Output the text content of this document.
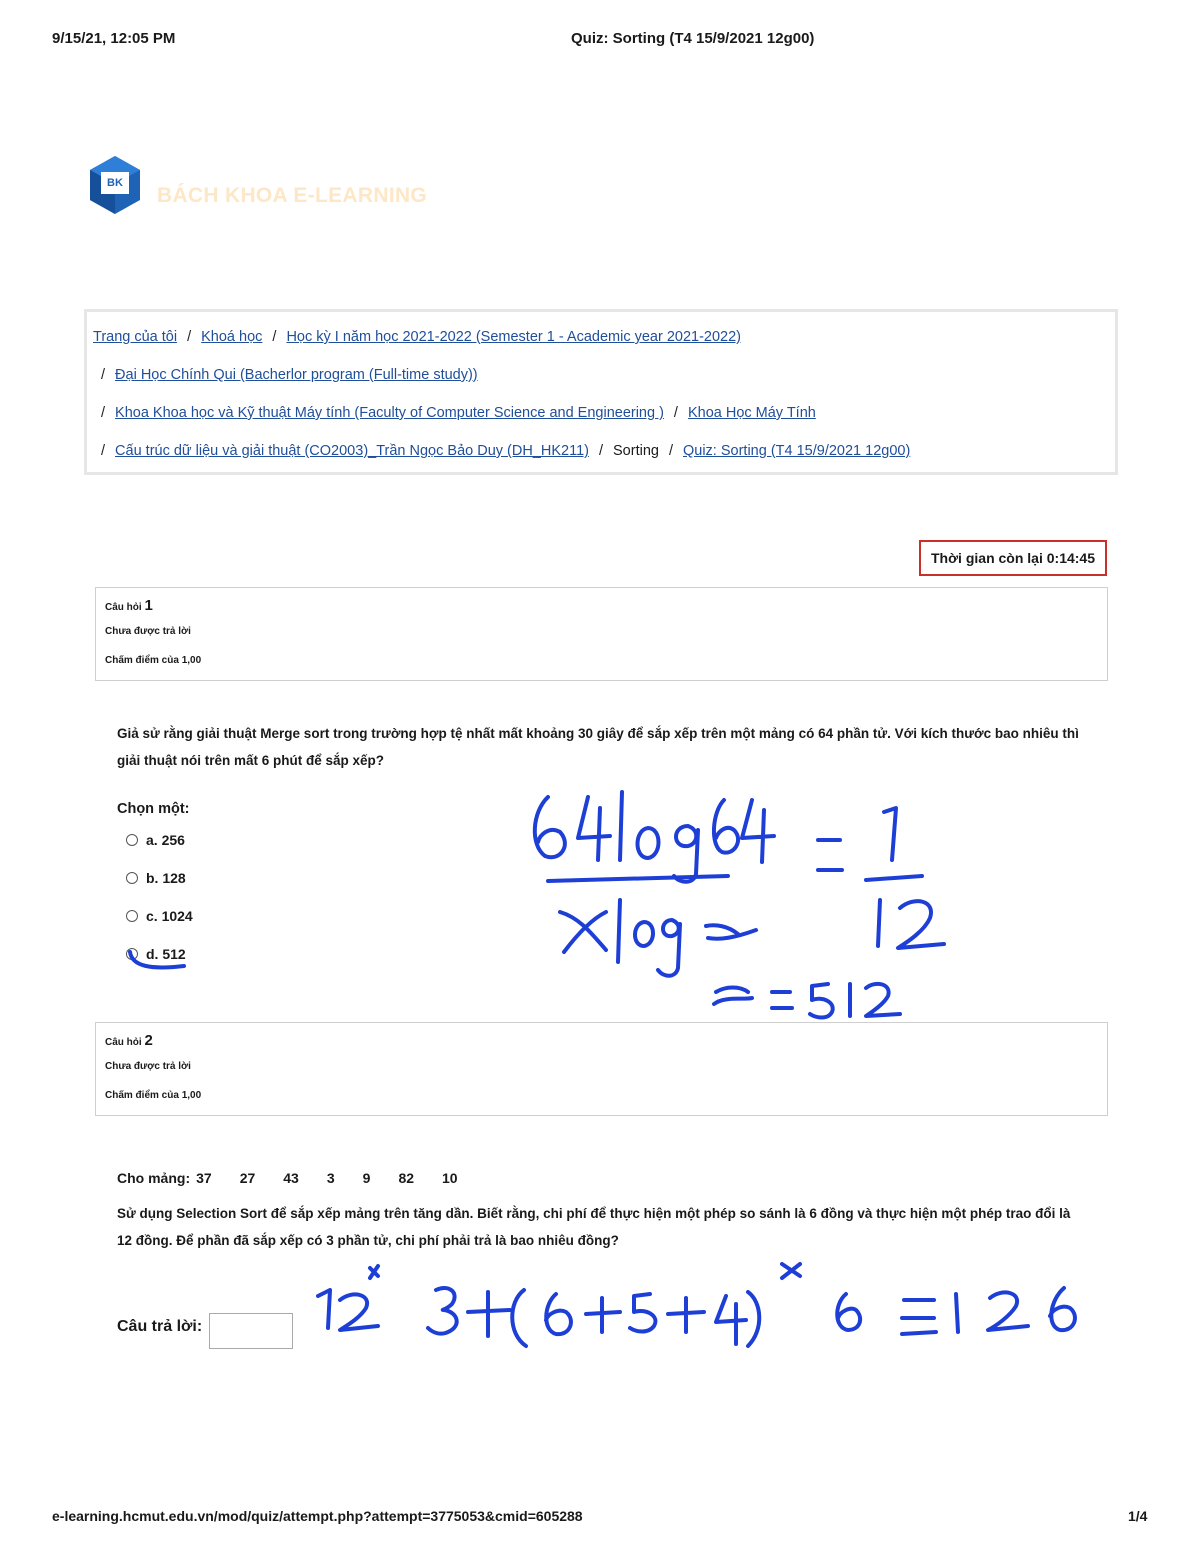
9/15/21, 12:05 PM	Quiz: Sorting (T4 15/9/2021 12g00)
BK
BÁCH KHOA E-LEARNING
Trang của tôi / Khoá học / Học kỳ I năm học 2021-2022 (Semester 1 - Academic year 2021-2022)
/ Đại Học Chính Qui (Bacherlor program (Full-time study))
/ Khoa Khoa học và Kỹ thuật Máy tính (Faculty of Computer Science and Engineering ) / Khoa Học Máy Tính
/ Cấu trúc dữ liệu và giải thuật (CO2003)_Trần Ngọc Bảo Duy (DH_HK211) / Sorting / Quiz: Sorting (T4 15/9/2021 12g00)
Thời gian còn lại 0:14:45
Câu hỏi 1
Chưa được trả lời
Chấm điểm của 1,00
Giả sử rằng giải thuật Merge sort trong trường hợp tệ nhất mất khoảng 30 giây để sắp xếp trên một mảng có 64 phần tử. Với kích thước bao nhiêu thì giải thuật nói trên mất 6 phút để sắp xếp?
Chọn một:
a. 256
b. 128
c. 1024
d. 512
Câu hỏi 2
Chưa được trả lời
Chấm điểm của 1,00
Cho mảng: 37 27 43 3 9 82 10
Sử dụng Selection Sort để sắp xếp mảng trên tăng dần. Biết rằng, chi phí để thực hiện một phép so sánh là 6 đồng và thực hiện một phép trao đổi là 12 đồng. Để phần đã sắp xếp có 3 phần tử, chi phí phải trả là bao nhiêu đồng?
Câu trả lời:
e-learning.hcmut.edu.vn/mod/quiz/attempt.php?attempt=3775053&cmid=605288	1/4
